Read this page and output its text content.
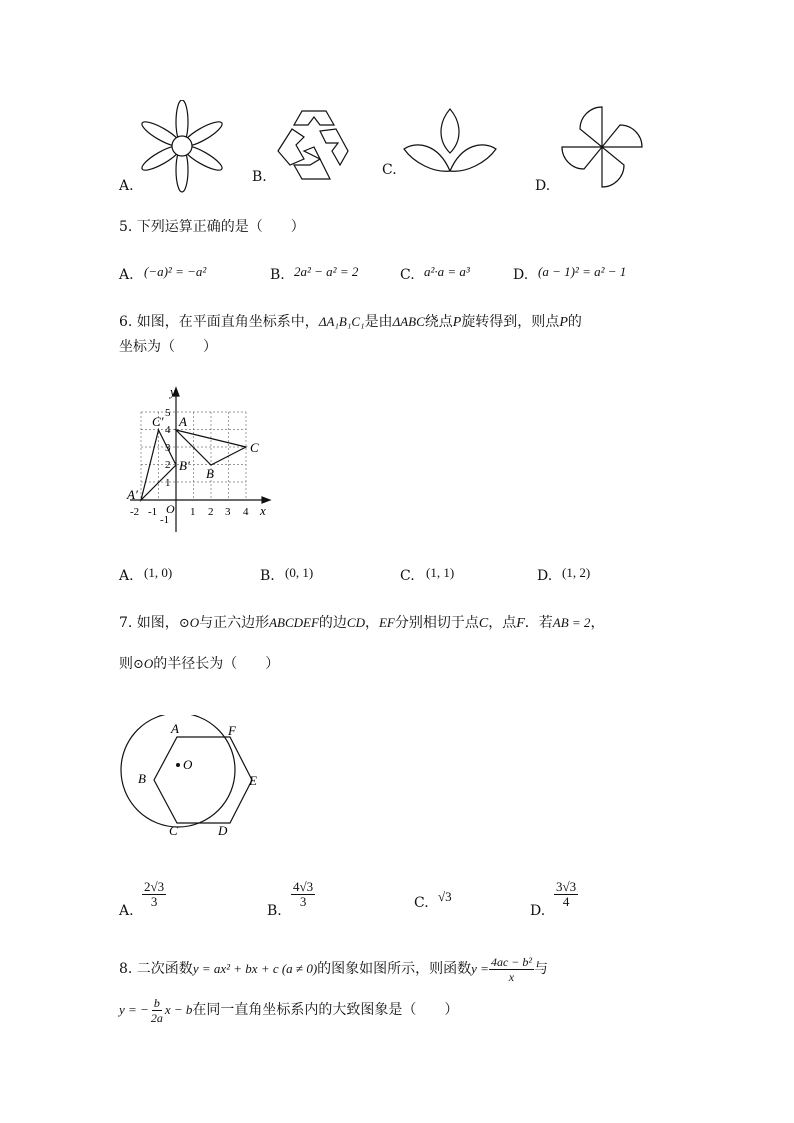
A.
B.	C.
D.
5. 下列运算正确的是（　　）
A. (−a)² = −a²	B. 2a² − a² = 2	C. a²·a = a³	D. (a − 1)² = a² − 1
6. 如图，在平面直角坐标系中，ΔA₁B₁C₁是由ΔABC绕点P旋转得到，则点P的
坐标为（　　）
y
x
O
5
4
3
2
1
-1
-2 -1	1 2 3 4
C′ A
C
B′
B
A′
A. (1, 0)	B. (0, 1)	C. (1, 1)	D. (1, 2)
7. 如图，⊙O与正六边形ABCDEF的边CD，EF分别相切于点C，点F．若AB = 2，
则⊙O的半径长为（　　）
A	F
B
O
E
C	D
A.
$\frac{2√3}{3}$
B.
$\frac{4√3}{3}$	C. √3
D.
$\frac{3√3}{4}$
8. 二次函数 y = ax² + bx + c (a ≠ 0) 的图象如图所示，则函数 $y = \frac{\text{4ac − b²}}{x}$ 与
y = − $\frac{b}{2a}$ x − b 在同一直角坐标系内的大致图象是（　　）
